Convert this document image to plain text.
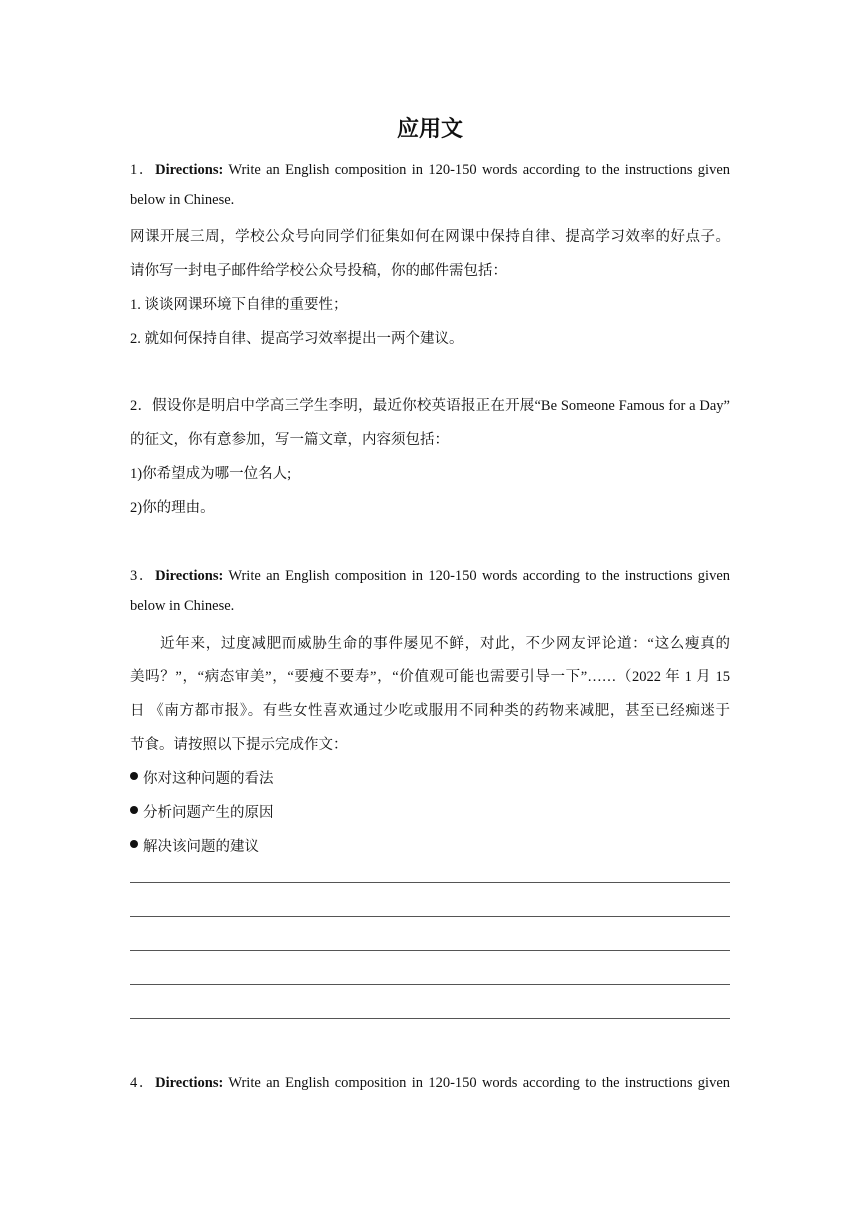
应用文
1．Directions: Write an English composition in 120-150 words according to the instructions given
below in Chinese.
网课开展三周，学校公众号向同学们征集如何在网课中保持自律、提高学习效率的好点子。
请你写一封电子邮件给学校公众号投稿，你的邮件需包括：
1. 谈谈网课环境下自律的重要性；
2. 就如何保持自律、提高学习效率提出一两个建议。
2．假设你是明启中学高三学生李明，最近你校英语报正在开展“Be Someone Famous for a Day”
的征文，你有意参加，写一篇文章，内容须包括：
1)你希望成为哪一位名人;
2)你的理由。
3．Directions: Write an English composition in 120-150 words according to the instructions given
below in Chinese.
近年来，过度减肥而威胁生命的事件屡见不鲜，对此，不少网友评论道：“这么瘦真的
美吗？”，“病态审美”，“要瘦不要寿”，“价值观可能也需要引导一下”……（2022 年 1 月 15
日 《南方都市报》。有些女性喜欢通过少吃或服用不同种类的药物来减肥，甚至已经痴迷于
节食。请按照以下提示完成作文：
你对这种问题的看法
分析问题产生的原因
解决该问题的建议
4．Directions: Write an English composition in 120-150 words according to the instructions given
